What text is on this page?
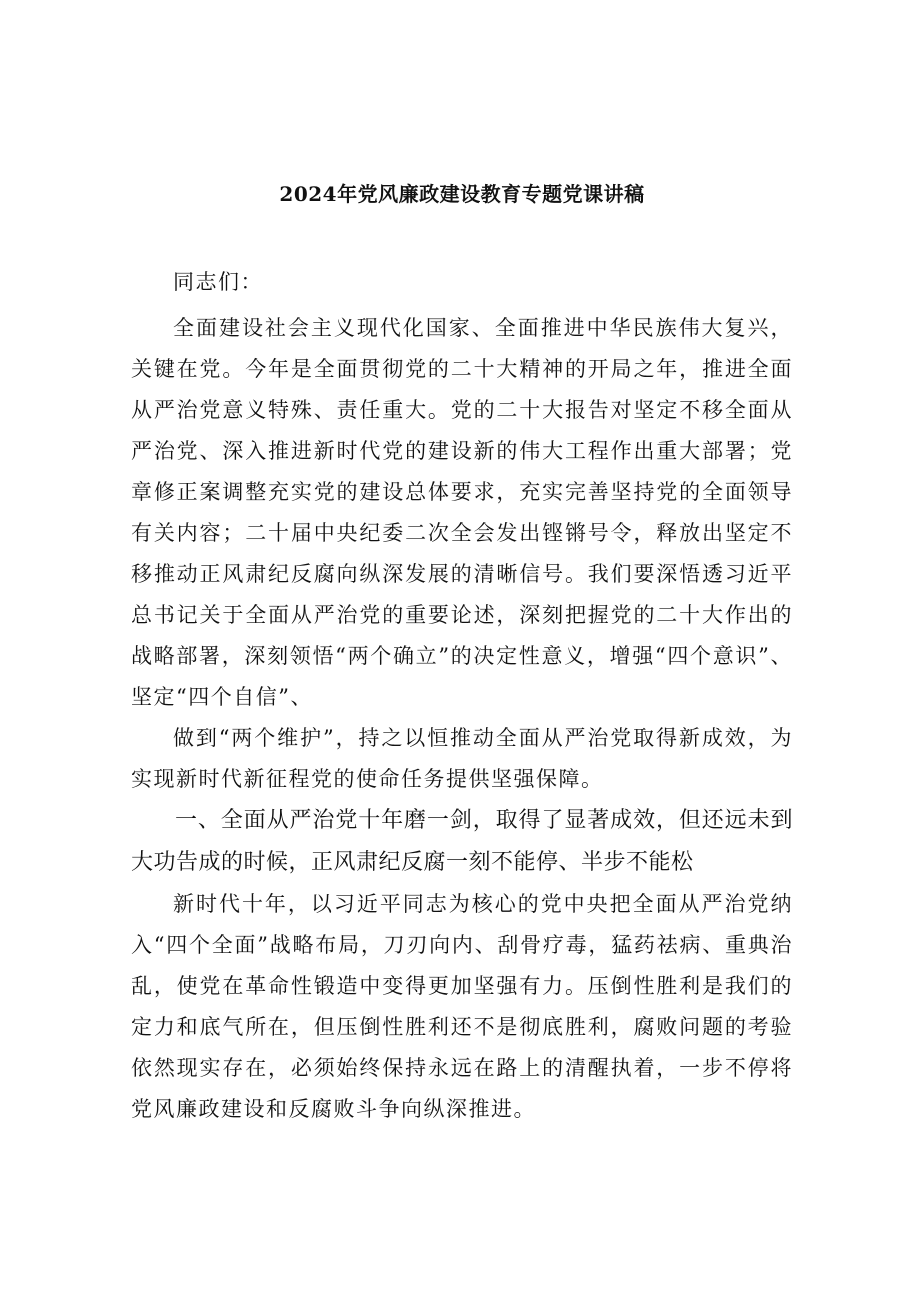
2024年党风廉政建设教育专题党课讲稿

同志们：

全面建设社会主义现代化国家、全面推进中华民族伟大复兴，关键在党。今年是全面贯彻党的二十大精神的开局之年，推进全面从严治党意义特殊、责任重大。党的二十大报告对坚定不移全面从严治党、深入推进新时代党的建设新的伟大工程作出重大部署；党章修正案调整充实党的建设总体要求，充实完善坚持党的全面领导有关内容；二十届中央纪委二次全会发出铿锵号令，释放出坚定不移推动正风肃纪反腐向纵深发展的清晰信号。我们要深悟透习近平总书记关于全面从严治党的重要论述，深刻把握党的二十大作出的战略部署，深刻领悟“两个确立”的决定性意义，增强“四个意识”、坚定“四个自信”、

做到“两个维护”，持之以恒推动全面从严治党取得新成效，为实现新时代新征程党的使命任务提供坚强保障。

一、全面从严治党十年磨一剑，取得了显著成效，但还远未到大功告成的时候，正风肃纪反腐一刻不能停、半步不能松

新时代十年，以习近平同志为核心的党中央把全面从严治党纳入“四个全面”战略布局，刀刃向内、刮骨疗毒，猛药祛病、重典治乱，使党在革命性锻造中变得更加坚强有力。压倒性胜利是我们的定力和底气所在，但压倒性胜利还不是彻底胜利，腐败问题的考验依然现实存在，必须始终保持永远在路上的清醒执着，一步不停将党风廉政建设和反腐败斗争向纵深推进。
